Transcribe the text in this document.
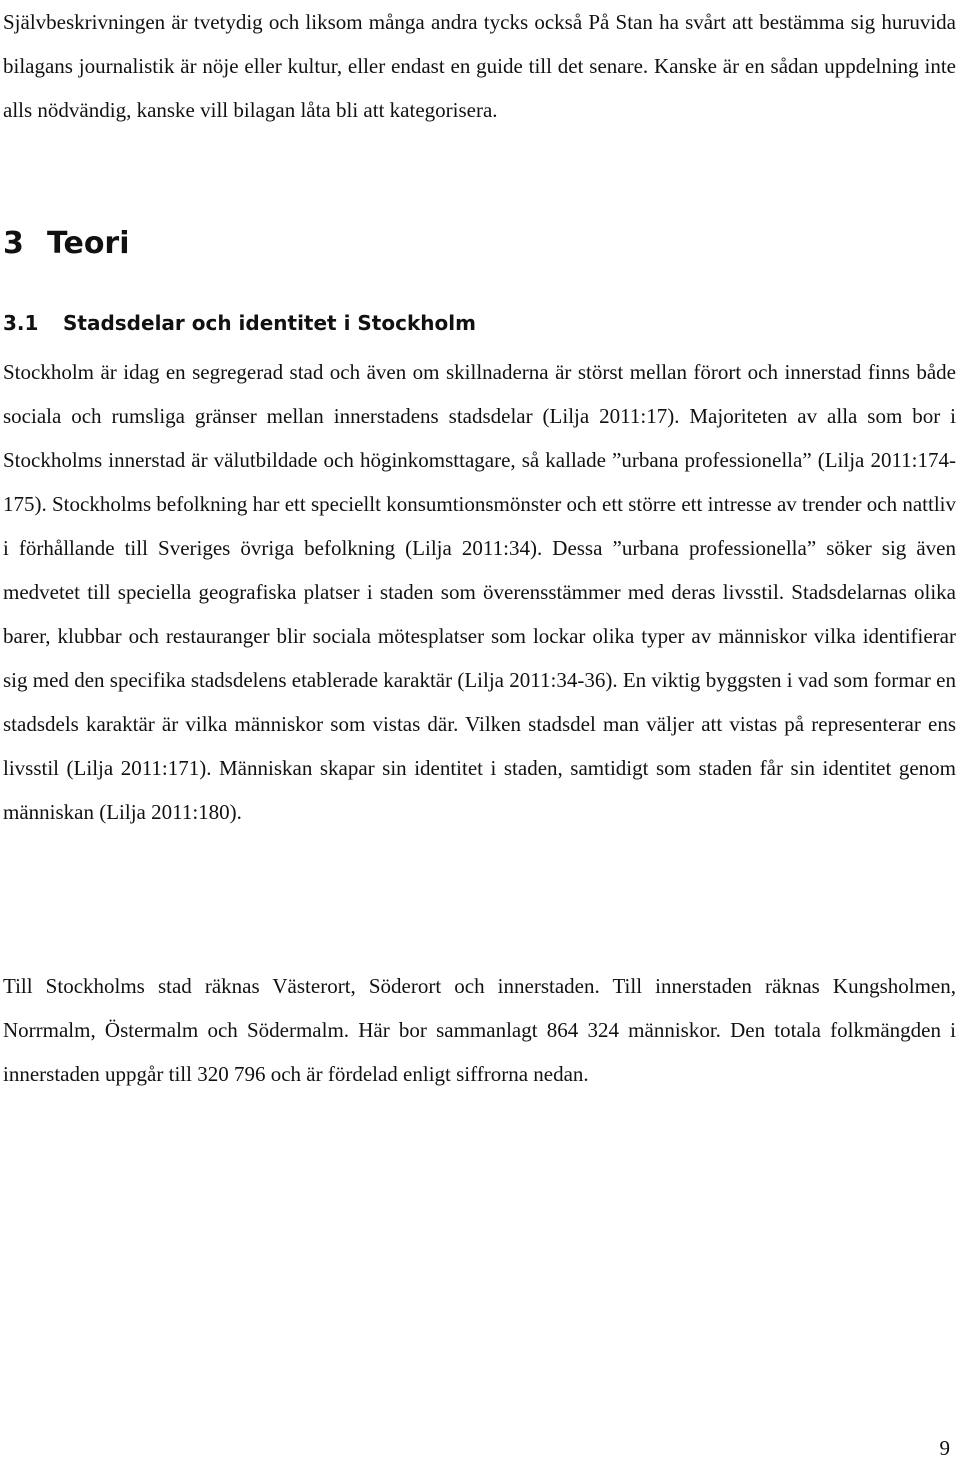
Självbeskrivningen är tvetydig och liksom många andra tycks också På Stan ha svårt att bestämma sig huruvida bilagans journalistik är nöje eller kultur, eller endast en guide till det senare. Kanske är en sådan uppdelning inte alls nödvändig, kanske vill bilagan låta bli att kategorisera.

3 Teori
3.1 Stadsdelar och identitet i Stockholm

Stockholm är idag en segregerad stad och även om skillnaderna är störst mellan förort och innerstad finns både sociala och rumsliga gränser mellan innerstadens stadsdelar (Lilja 2011:17). Majoriteten av alla som bor i Stockholms innerstad är välutbildade och höginkomsttagare, så kallade ”urbana professionella” (Lilja 2011:174-175). Stockholms befolkning har ett speciellt konsumtionsmönster och ett större ett intresse av trender och nattliv i förhållande till Sveriges övriga befolkning (Lilja 2011:34). Dessa ”urbana professionella” söker sig även medvetet till speciella geografiska platser i staden som överensstämmer med deras livsstil. Stadsdelarnas olika barer, klubbar och restauranger blir sociala mötesplatser som lockar olika typer av människor vilka identifierar sig med den specifika stadsdelens etablerade karaktär (Lilja 2011:34-36). En viktig byggsten i vad som formar en stadsdels karaktär är vilka människor som vistas där. Vilken stadsdel man väljer att vistas på representerar ens livsstil (Lilja 2011:171). Människan skapar sin identitet i staden, samtidigt som staden får sin identitet genom människan (Lilja 2011:180).

Till Stockholms stad räknas Västerort, Söderort och innerstaden. Till innerstaden räknas Kungsholmen, Norrmalm, Östermalm och Södermalm. Här bor sammanlagt 864 324 människor. Den totala folkmängden i innerstaden uppgår till 320 796 och är fördelad enligt siffrorna nedan.

9
